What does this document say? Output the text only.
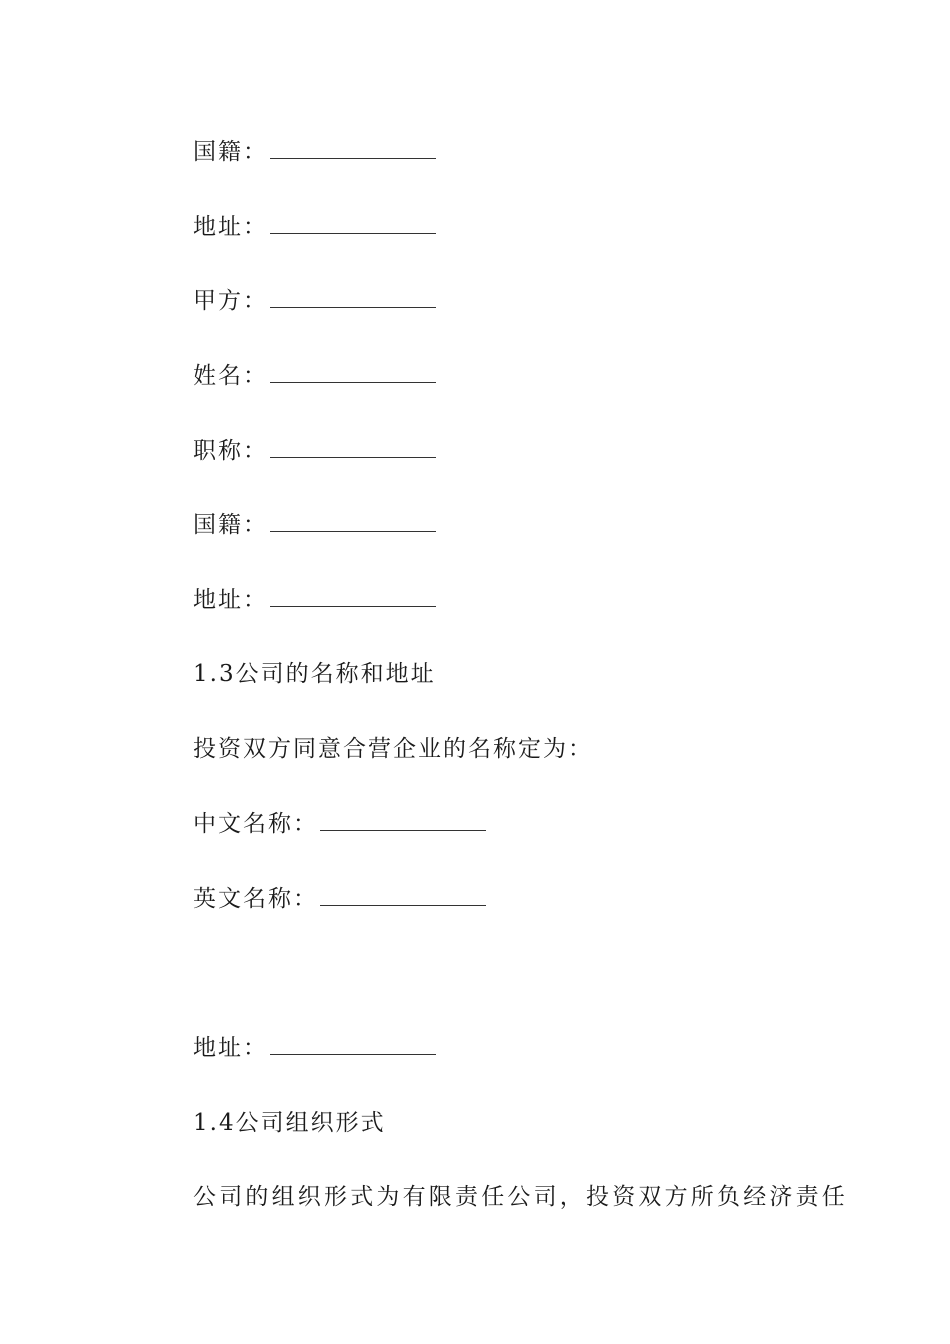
国籍：
地址：
甲方：
姓名：
职称：
国籍：
地址：
1.3公司的名称和地址
投资双方同意合营企业的名称定为：
中文名称：
英文名称：
地址：
1.4公司组织形式
公司的组织形式为有限责任公司，投资双方所负经济责任
